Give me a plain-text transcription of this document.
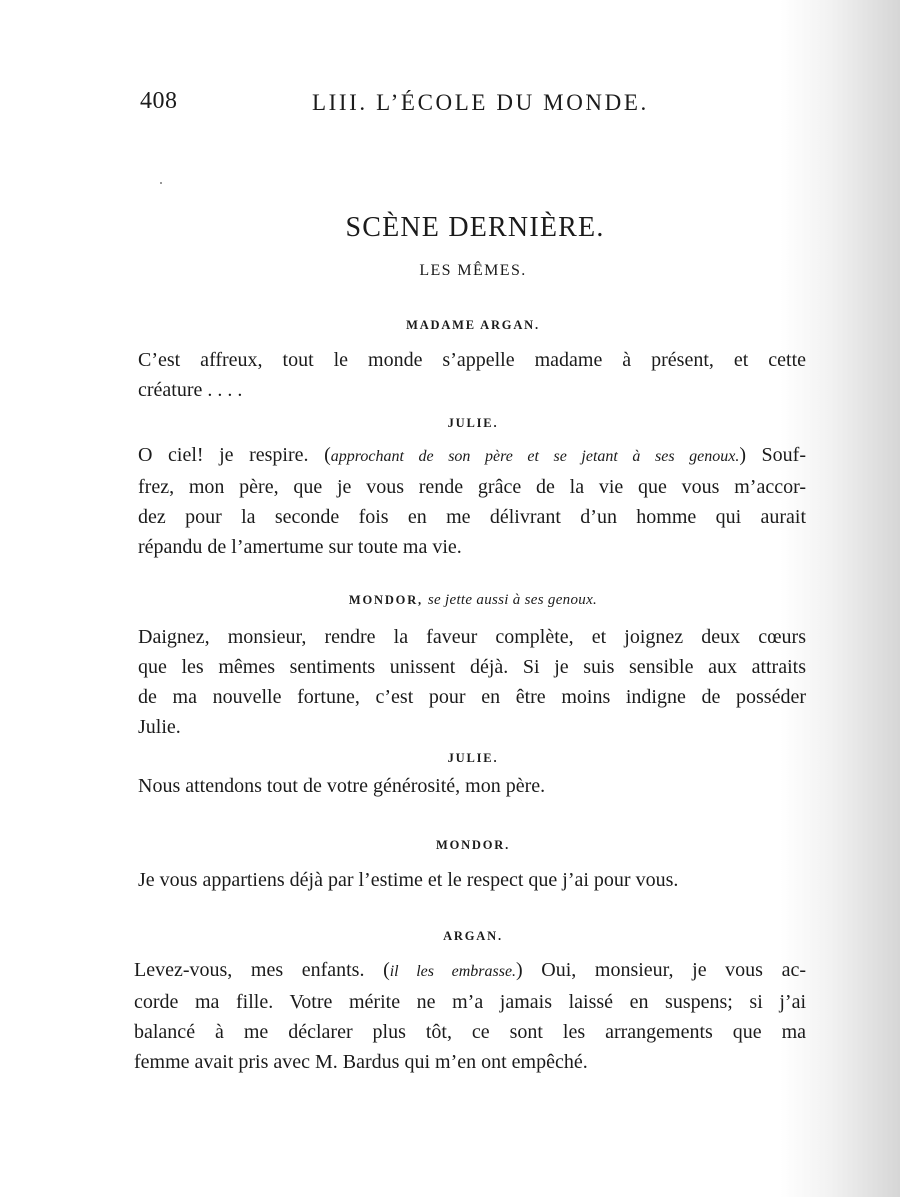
408	LIII. L’ÉCOLE DU MONDE.
SCÈNE DERNIÈRE.
LES MÊMES.
MADAME ARGAN.
C’est affreux, tout le monde s’appelle madame à présent, et cette
créature . . . .
JULIE.
O ciel! je respire. (approchant de son père et se jetant à ses genoux.) Souf-
frez, mon père, que je vous rende grâce de la vie que vous m’accor-
dez pour la seconde fois en me délivrant d’un homme qui aurait
répandu de l’amertume sur toute ma vie.
MONDOR, se jette aussi à ses genoux.
Daignez, monsieur, rendre la faveur complète, et joignez deux cœurs
que les mêmes sentiments unissent déjà. Si je suis sensible aux attraits
de ma nouvelle fortune, c’est pour en être moins indigne de posséder
Julie.
JULIE.
Nous attendons tout de votre générosité, mon père.
MONDOR.
Je vous appartiens déjà par l’estime et le respect que j’ai pour vous.
ARGAN.
Levez-vous, mes enfants. (il les embrasse.) Oui, monsieur, je vous ac-
corde ma fille. Votre mérite ne m’a jamais laissé en suspens; si j’ai
balancé à me déclarer plus tôt, ce sont les arrangements que ma
femme avait pris avec M. Bardus qui m’en ont empêché.
